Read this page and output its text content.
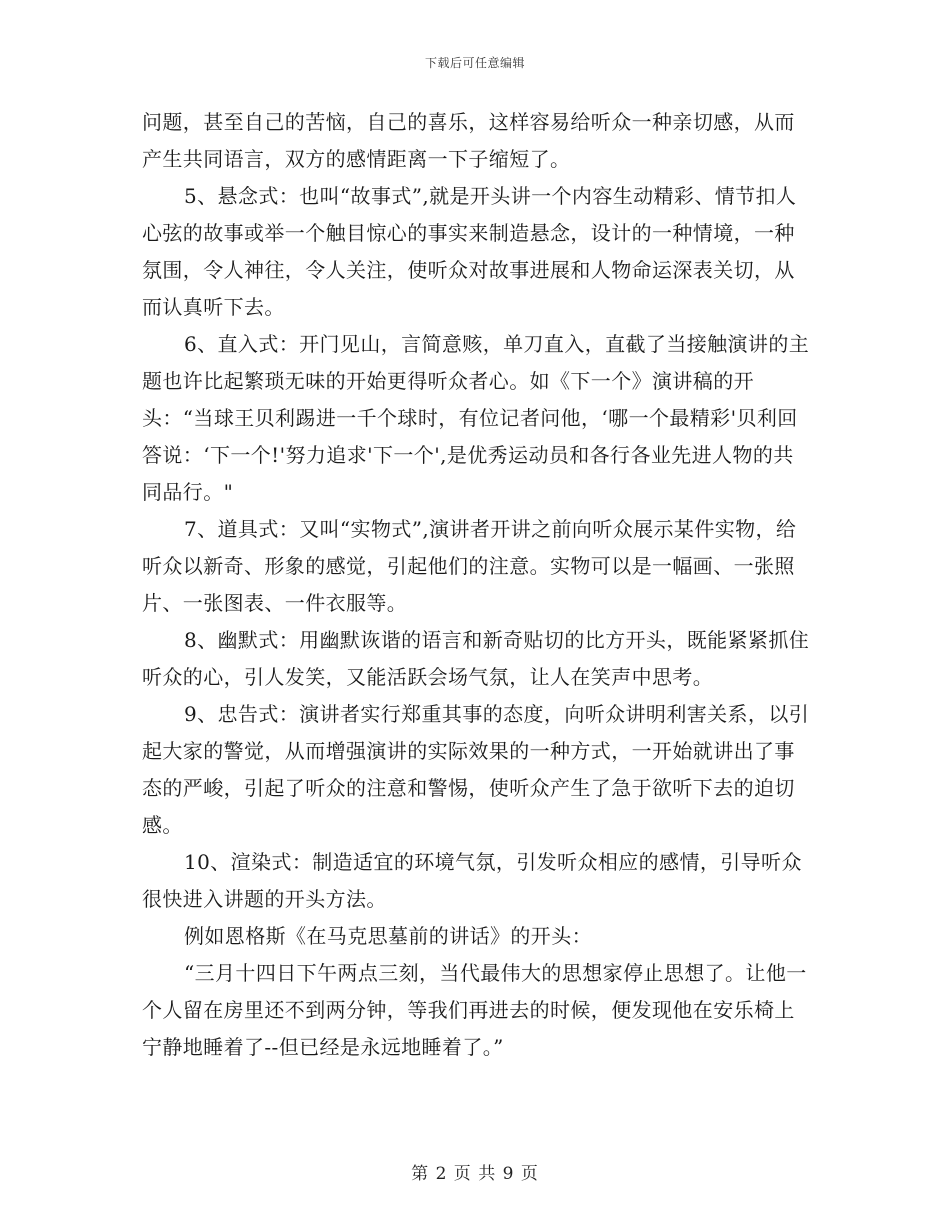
下载后可任意编辑

问题，甚至自己的苦恼，自己的喜乐，这样容易给听众一种亲切感，从而产生共同语言，双方的感情距离一下子缩短了。

5、悬念式：也叫“故事式”,就是开头讲一个内容生动精彩、情节扣人心弦的故事或举一个触目惊心的事实来制造悬念，设计的一种情境，一种氛围，令人神往，令人关注，使听众对故事进展和人物命运深表关切，从而认真听下去。

6、直入式：开门见山，言简意赅，单刀直入，直截了当接触演讲的主题也许比起繁琐无味的开始更得听众者心。如《下一个》演讲稿的开头：“当球王贝利踢进一千个球时，有位记者问他，‘哪一个最精彩'贝利回答说：‘下一个!'努力追求'下一个',是优秀运动员和各行各业先进人物的共同品行。"

7、道具式：又叫“实物式”,演讲者开讲之前向听众展示某件实物，给听众以新奇、形象的感觉，引起他们的注意。实物可以是一幅画、一张照片、一张图表、一件衣服等。

8、幽默式：用幽默诙谐的语言和新奇贴切的比方开头，既能紧紧抓住听众的心，引人发笑，又能活跃会场气氛，让人在笑声中思考。

9、忠告式：演讲者实行郑重其事的态度，向听众讲明利害关系，以引起大家的警觉，从而增强演讲的实际效果的一种方式，一开始就讲出了事态的严峻，引起了听众的注意和警惕，使听众产生了急于欲听下去的迫切感。

10、渲染式：制造适宜的环境气氛，引发听众相应的感情，引导听众很快进入讲题的开头方法。

例如恩格斯《在马克思墓前的讲话》的开头：

“三月十四日下午两点三刻，当代最伟大的思想家停止思想了。让他一个人留在房里还不到两分钟，等我们再进去的时候，便发现他在安乐椅上宁静地睡着了--但已经是永远地睡着了。”

第 2 页 共 9 页
